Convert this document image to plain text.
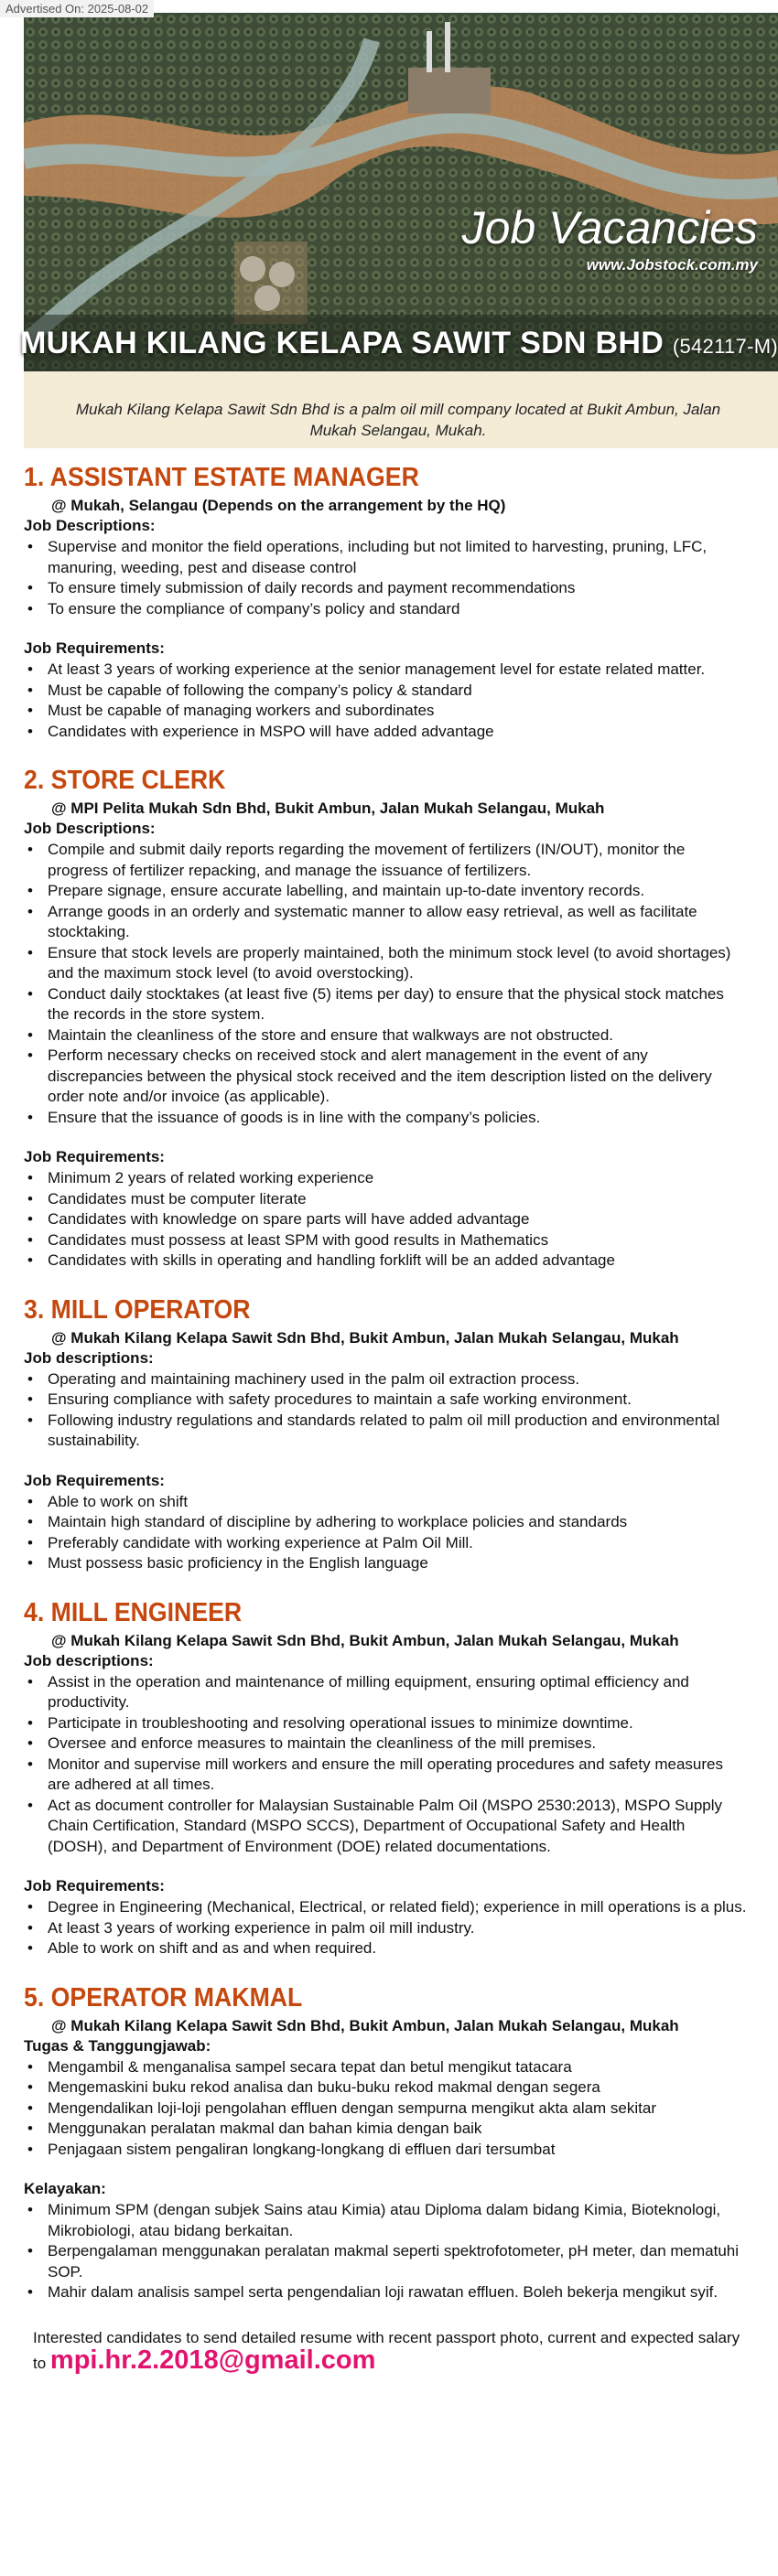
Advertised On: 2025-08-02
Job Vacancies
www.Jobstock.com.my
MUKAH KILANG KELAPA SAWIT SDN BHD (542117-M)
Mukah Kilang Kelapa Sawit Sdn Bhd is a palm oil mill company located at Bukit Ambun, Jalan Mukah Selangau, Mukah.
1. ASSISTANT ESTATE MANAGER
@ Mukah, Selangau (Depends on the arrangement by the HQ)
Job Descriptions:
• Supervise and monitor the field operations, including but not limited to harvesting, pruning, LFC, manuring, weeding, pest and disease control
• To ensure timely submission of daily records and payment recommendations
• To ensure the compliance of company’s policy and standard
Job Requirements:
• At least 3 years of working experience at the senior management level for estate related matter.
• Must be capable of following the company’s policy & standard
• Must be capable of managing workers and subordinates
• Candidates with experience in MSPO will have added advantage
2. STORE CLERK
@ MPI Pelita Mukah Sdn Bhd, Bukit Ambun, Jalan Mukah Selangau, Mukah
Job Descriptions:
• Compile and submit daily reports regarding the movement of fertilizers (IN/OUT), monitor the progress of fertilizer repacking, and manage the issuance of fertilizers.
• Prepare signage, ensure accurate labelling, and maintain up-to-date inventory records.
• Arrange goods in an orderly and systematic manner to allow easy retrieval, as well as facilitate stocktaking.
• Ensure that stock levels are properly maintained, both the minimum stock level (to avoid shortages) and the maximum stock level (to avoid overstocking).
• Conduct daily stocktakes (at least five (5) items per day) to ensure that the physical stock matches the records in the store system.
• Maintain the cleanliness of the store and ensure that walkways are not obstructed.
• Perform necessary checks on received stock and alert management in the event of any discrepancies between the physical stock received and the item description listed on the delivery order note and/or invoice (as applicable).
• Ensure that the issuance of goods is in line with the company’s policies.
Job Requirements:
• Minimum 2 years of related working experience
• Candidates must be computer literate
• Candidates with knowledge on spare parts will have added advantage
• Candidates must possess at least SPM with good results in Mathematics
• Candidates with skills in operating and handling forklift will be an added advantage
3. MILL OPERATOR
@ Mukah Kilang Kelapa Sawit Sdn Bhd, Bukit Ambun, Jalan Mukah Selangau, Mukah
Job descriptions:
• Operating and maintaining machinery used in the palm oil extraction process.
• Ensuring compliance with safety procedures to maintain a safe working environment.
• Following industry regulations and standards related to palm oil mill production and environmental sustainability.
Job Requirements:
• Able to work on shift
• Maintain high standard of discipline by adhering to workplace policies and standards
• Preferably candidate with working experience at Palm Oil Mill.
• Must possess basic proficiency in the English language
4. MILL ENGINEER
@ Mukah Kilang Kelapa Sawit Sdn Bhd, Bukit Ambun, Jalan Mukah Selangau, Mukah
Job descriptions:
• Assist in the operation and maintenance of milling equipment, ensuring optimal efficiency and productivity.
• Participate in troubleshooting and resolving operational issues to minimize downtime.
• Oversee and enforce measures to maintain the cleanliness of the mill premises.
• Monitor and supervise mill workers and ensure the mill operating procedures and safety measures are adhered at all times.
• Act as document controller for Malaysian Sustainable Palm Oil (MSPO 2530:2013), MSPO Supply Chain Certification, Standard (MSPO SCCS), Department of Occupational Safety and Health (DOSH), and Department of Environment (DOE) related documentations.
Job Requirements:
• Degree in Engineering (Mechanical, Electrical, or related field); experience in mill operations is a plus.
• At least 3 years of working experience in palm oil mill industry.
• Able to work on shift and as and when required.
5. OPERATOR MAKMAL
@ Mukah Kilang Kelapa Sawit Sdn Bhd, Bukit Ambun, Jalan Mukah Selangau, Mukah
Tugas & Tanggungjawab:
• Mengambil & menganalisa sampel secara tepat dan betul mengikut tatacara
• Mengemaskini buku rekod analisa dan buku-buku rekod makmal dengan segera
• Mengendalikan loji-loji pengolahan effluen dengan sempurna mengikut akta alam sekitar
• Menggunakan peralatan makmal dan bahan kimia dengan baik
• Penjagaan sistem pengaliran longkang-longkang di effluen dari tersumbat
Kelayakan:
• Minimum SPM (dengan subjek Sains atau Kimia) atau Diploma dalam bidang Kimia, Bioteknologi, Mikrobiologi, atau bidang berkaitan.
• Berpengalaman menggunakan peralatan makmal seperti spektrofotometer, pH meter, dan mematuhi SOP.
• Mahir dalam analisis sampel serta pengendalian loji rawatan effluen. Boleh bekerja mengikut syif.
Interested candidates to send detailed resume with recent passport photo, current and expected salary to mpi.hr.2.2018@gmail.com
